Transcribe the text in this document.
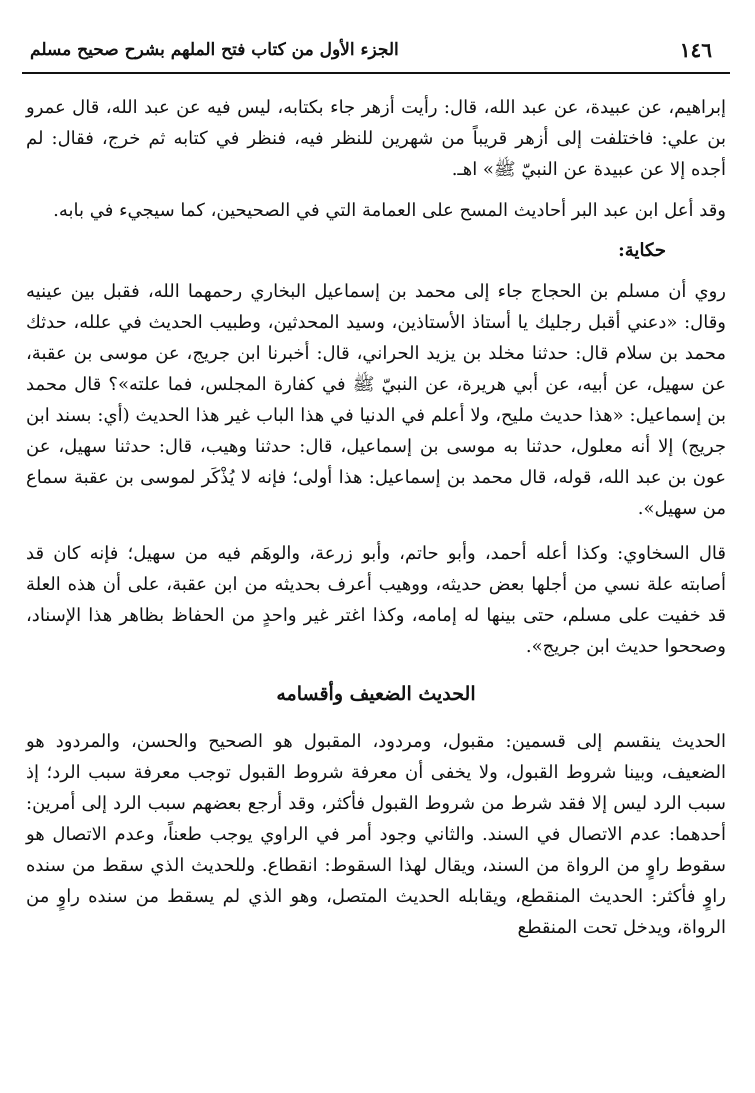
١٤٦
الجزء الأول من كتاب فتح الملهم بشرح صحيح مسلم

إبراهيم، عن عبيدة، عن عبد الله، قال: رأيت أزهر جاء بكتابه، ليس فيه عن عبد الله، قال عمرو بن علي: فاختلفت إلى أزهر قريباً من شهرين للنظر فيه، فنظر في كتابه ثم خرج، فقال: لم أجده إلا عن عبيدة عن النبيّ ﷺ» اهـ.

وقد أعل ابن عبد البر أحاديث المسح على العمامة التي في الصحيحين، كما سيجيء في بابه.

حكاية:

روي أن مسلم بن الحجاج جاء إلى محمد بن إسماعيل البخاري رحمهما الله، فقبل بين عينيه وقال: «دعني أقبل رجليك يا أستاذ الأستاذين، وسيد المحدثين، وطبيب الحديث في علله، حدثك محمد بن سلام قال: حدثنا مخلد بن يزيد الحراني، قال: أخبرنا ابن جريج، عن موسى بن عقبة، عن سهيل، عن أبيه، عن أبي هريرة، عن النبيّ ﷺ في كفارة المجلس، فما علته»؟ قال محمد بن إسماعيل: «هذا حديث مليح، ولا أعلم في الدنيا في هذا الباب غير هذا الحديث (أي: بسند ابن جريج) إلا أنه معلول، حدثنا به موسى بن إسماعيل، قال: حدثنا وهيب، قال: حدثنا سهيل، عن عون بن عبد الله، قوله، قال محمد بن إسماعيل: هذا أولى؛ فإنه لا يُذْكَر لموسى بن عقبة سماع من سهيل».

قال السخاوي: وكذا أعله أحمد، وأبو حاتم، وأبو زرعة، والوهَم فيه من سهيل؛ فإنه كان قد أصابته علة نسي من أجلها بعض حديثه، ووهيب أعرف بحديثه من ابن عقبة، على أن هذه العلة قد خفيت على مسلم، حتى بينها له إمامه، وكذا اغتر غير واحدٍ من الحفاظ بظاهر هذا الإسناد، وصححوا حديث ابن جريج».

الحديث الضعيف وأقسامه

الحديث ينقسم إلى قسمين: مقبول، ومردود، المقبول هو الصحيح والحسن، والمردود هو الضعيف، وبينا شروط القبول، ولا يخفى أن معرفة شروط القبول توجب معرفة سبب الرد؛ إذ سبب الرد ليس إلا فقد شرط من شروط القبول فأكثر، وقد أرجع بعضهم سبب الرد إلى أمرين: أحدهما: عدم الاتصال في السند. والثاني وجود أمر في الراوي يوجب طعناً، وعدم الاتصال هو سقوط راوٍ من الرواة من السند، ويقال لهذا السقوط: انقطاع. وللحديث الذي سقط من سنده راوٍ فأكثر: الحديث المنقطع، ويقابله الحديث المتصل، وهو الذي لم يسقط من سنده راوٍ من الرواة، ويدخل تحت المنقطع
